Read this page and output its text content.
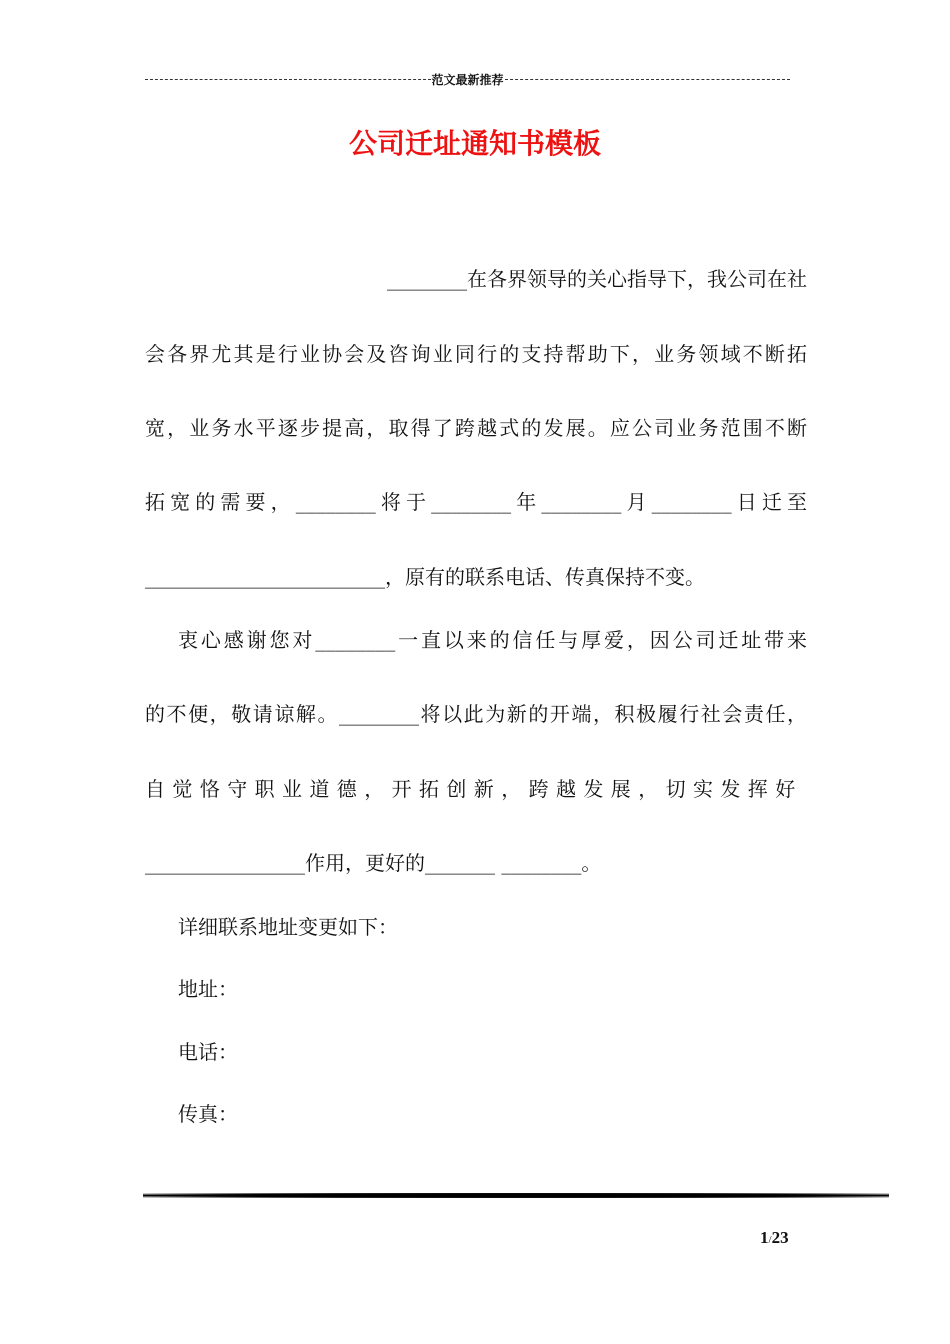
范文最新推荐
公司迁址通知书模板
________在各界领导的关心指导下，我公司在社
会各界尤其是行业协会及咨询业同行的支持帮助下，业务领域不断拓
宽，业务水平逐步提高，取得了跨越式的发展。应公司业务范围不断
拓宽的需要，________将于________年________月________日迁至
________________________，原有的联系电话、传真保持不变。
衷心感谢您对________一直以来的信任与厚爱，因公司迁址带来
的不便，敬请谅解。________将以此为新的开端，积极履行社会责任，
自觉恪守职业道德，开拓创新，跨越发展，切实发挥好
________________作用，更好的_______ ________。
详细联系地址变更如下：
地址：
电话：
传真：
1/23
